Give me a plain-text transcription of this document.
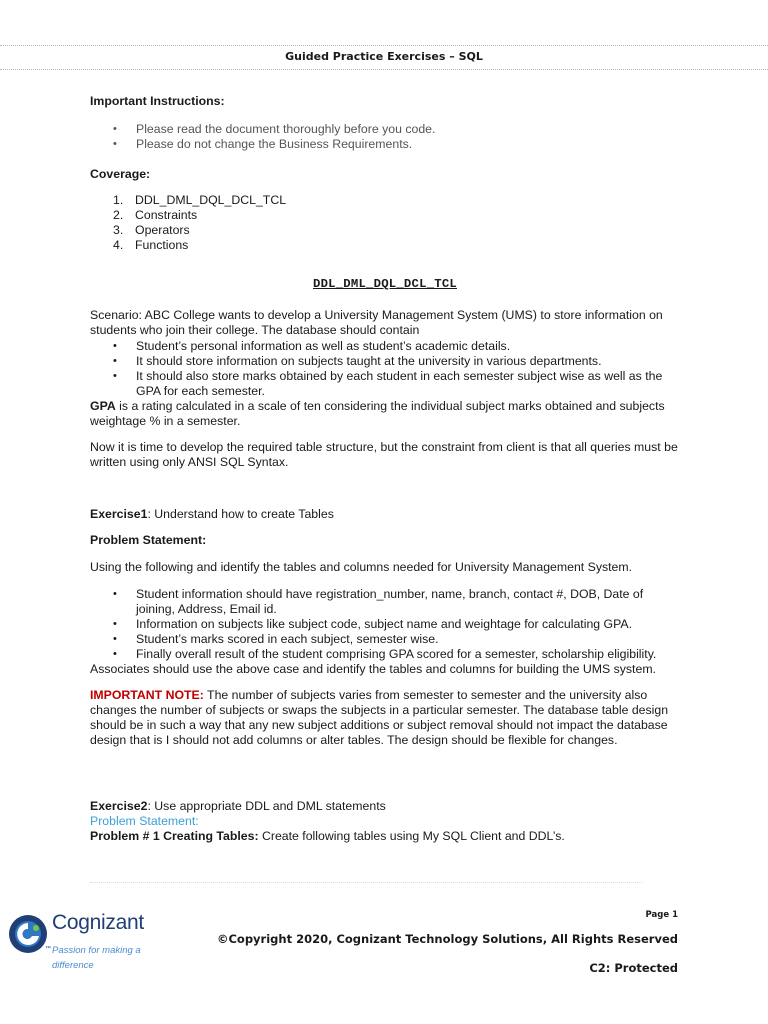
Guided Practice Exercises – SQL
Important Instructions:
• Please read the document thoroughly before you code.
• Please do not change the Business Requirements.
Coverage:
1. DDL_DML_DQL_DCL_TCL
2. Constraints
3. Operators
4. Functions
DDL_DML_DQL_DCL_TCL

Scenario: ABC College wants to develop a University Management System (UMS) to store information on students who join their college. The database should contain

• Student’s personal information as well as student’s academic details.
• It should store information on subjects taught at the university in various departments.
• It should also store marks obtained by each student in each semester subject wise as well as the GPA for each semester.

GPA is a rating calculated in a scale of ten considering the individual subject marks obtained and subjects weightage % in a semester.

Now it is time to develop the required table structure, but the constraint from client is that all queries must be written using only ANSI SQL Syntax.

Exercise1: Understand how to create Tables

Problem Statement:

Using the following and identify the tables and columns needed for University Management System.

• Student information should have registration_number, name, branch, contact #, DOB, Date of joining, Address, Email id.
• Information on subjects like subject code, subject name and weightage for calculating GPA.
• Student’s marks scored in each subject, semester wise.
• Finally overall result of the student comprising GPA scored for a semester, scholarship eligibility.

Associates should use the above case and identify the tables and columns for building the UMS system.

IMPORTANT NOTE: The number of subjects varies from semester to semester and the university also changes the number of subjects or swaps the subjects in a particular semester. The database table design should be in such a way that any new subject additions or subject removal should not impact the database design that is I should not add columns or alter tables. The design should be flexible for changes.

Exercise2: Use appropriate DDL and DML statements

Problem Statement:

Problem # 1 Creating Tables: Create following tables using My SQL Client and DDL’s.

Cognizant
™ Passion for making a difference
Page 1
©Copyright 2020, Cognizant Technology Solutions, All Rights Reserved
C2: Protected
